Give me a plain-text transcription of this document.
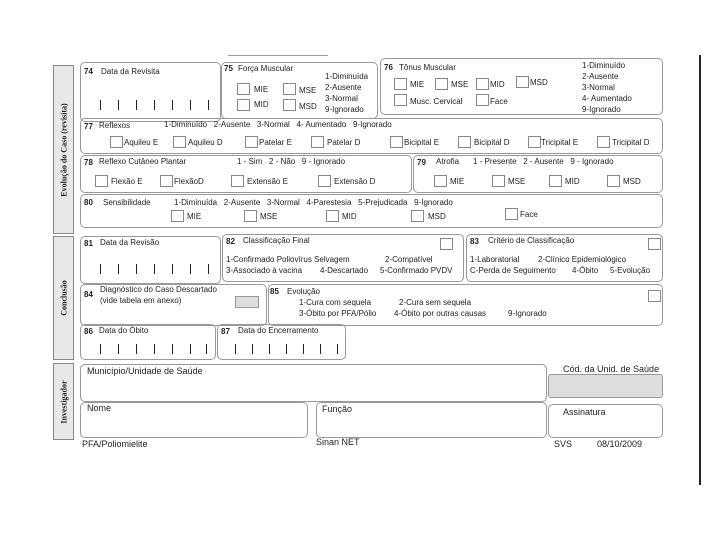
Evolução do Caso (revisita)
Conclusão
Investigador
74 Data da Revisita	75 Força Muscular
MIE	MSE
MID	MSD
1-Diminuída
2-Ausente
3-Normal
9-Ignorado
76 Tônus Muscular
MIE	MSE	MID	MSD
Musc. Cervical	Face
1-Diminuído
2-Ausente
3-Normal
4- Aumentado
9-Ignorado
77 Reflexos	1-Diminuído   2-Ausente   3-Normal   4- Aumentado   9-Ignorado
Aquileu E	Aquileu D	Patelar E	Patelar D	Bicipital E	Bicipital D	Tricipital E	Tricipital D
78 Reflexo Cutâneo Plantar	1 - Sim   2 - Não   9 - Ignorado
Flexão E	FlexãoD	Extensão E	Extensão D
79 Atrofia 1 - Presente   2 - Ausente   9 - Ignorado
MIE	MSE	MID	MSD
80 Sensibilidade	1-Diminuída   2-Ausente   3-Normal   4-Parestesia   5-Prejudicada   9-Ignorado
MIE	MSE	MID	MSD	Face
81 Data da Revisão	82 Classificação Final
1-Confirmado Poliovírus Selvagem	2-Compatível
3-Associado à vacina 4-Descartado 5-Confirmado PVDV
83 Critério de Classificação
1-Laboratorial 2-Clínico Epidemiológico
C-Perda de Seguimento 4-Óbito 5-Evolução
84
Diagnóstico do Caso Descartado
(vide tabela em anexo)
85 Evolução
1-Cura com sequela	2-Cura sem sequela
3-Óbito por PFA/Pólio 4-Óbito por outras causas	9-Ignorado
86 Data do Óbito	87 Data do Encerramento
Município/Unidade de Saúde	Cód. da Unid. de Saúde
Nome	Função	Assinatura
PFA/Poliomielite	Sinan NET	SVS	08/10/2009
